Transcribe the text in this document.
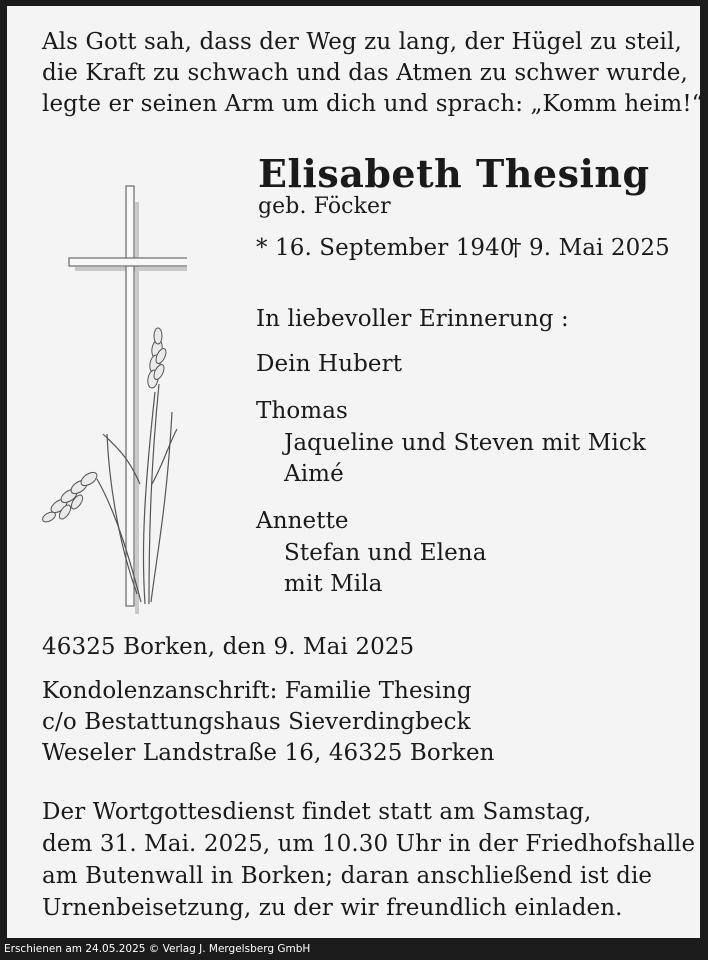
Als Gott sah, dass der Weg zu lang, der Hügel zu steil,
die Kraft zu schwach und das Atmen zu schwer wurde,
legte er seinen Arm um dich und sprach: „Komm heim!“
Elisabeth Thesing
geb. Föcker
* 16. September 1940
† 9. Mai 2025
In liebevoller Erinnerung :
Dein Hubert
Thomas
Jaqueline und Steven mit Mick
Aimé
Annette
Stefan und Elena
mit Mila
46325 Borken, den 9. Mai 2025
Kondolenzanschrift: Familie Thesing
c/o Bestattungshaus Sieverdingbeck
Weseler Landstraße 16, 46325 Borken
Der Wortgottesdienst findet statt am Samstag,
dem 31. Mai. 2025, um 10.30 Uhr in der Friedhofshalle
am Butenwall in Borken; daran anschließend ist die
Urnenbeisetzung, zu der wir freundlich einladen.
Erschienen am 24.05.2025 © Verlag J. Mergelsberg GmbH
